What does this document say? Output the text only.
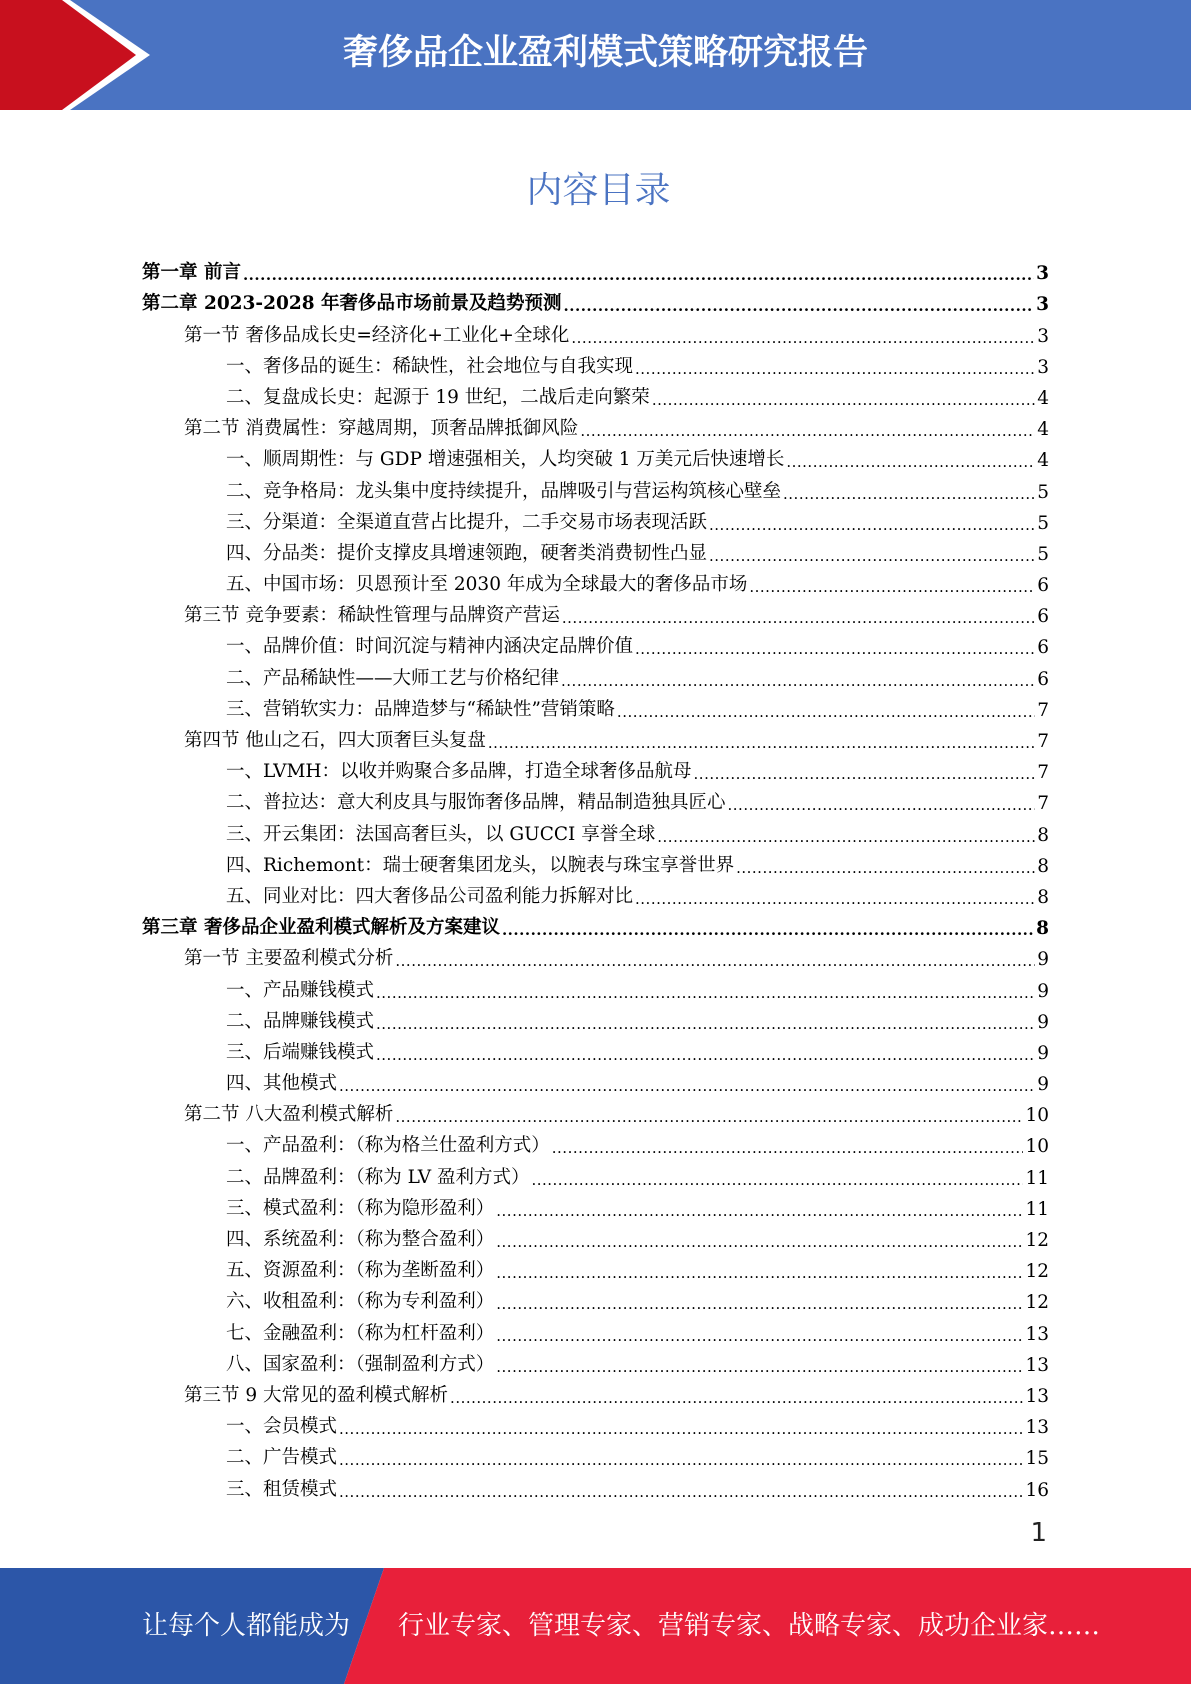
奢侈品企业盈利模式策略研究报告
内容目录
第一章 前言 .....	3
第二章 2023-2028 年奢侈品市场前景及趋势预测 .....	3
第一节 奢侈品成长史=经济化+工业化+全球化 .....	3
一、奢侈品的诞生：稀缺性，社会地位与自我实现 .....	3
二、复盘成长史：起源于 19 世纪，二战后走向繁荣 .....	4
第二节 消费属性：穿越周期，顶奢品牌抵御风险 .....	4
一、顺周期性：与 GDP 增速强相关，人均突破 1 万美元后快速增长 .....	4
二、竞争格局：龙头集中度持续提升，品牌吸引与营运构筑核心壁垒 .....	5
三、分渠道：全渠道直营占比提升，二手交易市场表现活跃 .....	5
四、分品类：提价支撑皮具增速领跑，硬奢类消费韧性凸显 .....	5
五、中国市场：贝恩预计至 2030 年成为全球最大的奢侈品市场 .....	6
第三节 竞争要素：稀缺性管理与品牌资产营运 .....	6
一、品牌价值：时间沉淀与精神内涵决定品牌价值 .....	6
二、产品稀缺性——大师工艺与价格纪律 .....	6
三、营销软实力：品牌造梦与“稀缺性”营销策略 .....	7
第四节 他山之石，四大顶奢巨头复盘 .....	7
一、LVMH：以收并购聚合多品牌，打造全球奢侈品航母 .....	7
二、普拉达：意大利皮具与服饰奢侈品牌，精品制造独具匠心 .....	7
三、开云集团：法国高奢巨头，以 GUCCI 享誉全球 .....	8
四、Richemont：瑞士硬奢集团龙头，以腕表与珠宝享誉世界 .....	8
五、同业对比：四大奢侈品公司盈利能力拆解对比 .....	8
第三章 奢侈品企业盈利模式解析及方案建议 .....	8
第一节 主要盈利模式分析 .....	9
一、产品赚钱模式 .....	9
二、品牌赚钱模式 .....	9
三、后端赚钱模式 .....	9
四、其他模式 .....	9
第二节 八大盈利模式解析 .....	10
一、产品盈利：（称为格兰仕盈利方式） .....	10
二、品牌盈利：（称为 LV 盈利方式） .....	11
三、模式盈利：（称为隐形盈利） .....	11
四、系统盈利：（称为整合盈利） .....	12
五、资源盈利：（称为垄断盈利） .....	12
六、收租盈利：（称为专利盈利） .....	12
七、金融盈利：（称为杠杆盈利） .....	13
八、国家盈利：（强制盈利方式） .....	13
第三节 9 大常见的盈利模式解析 .....	13
一、会员模式 .....	13
二、广告模式 .....	15
三、租赁模式 .....	16
1
让每个人都能成为 行业专家、管理专家、营销专家、战略专家、成功企业家……
